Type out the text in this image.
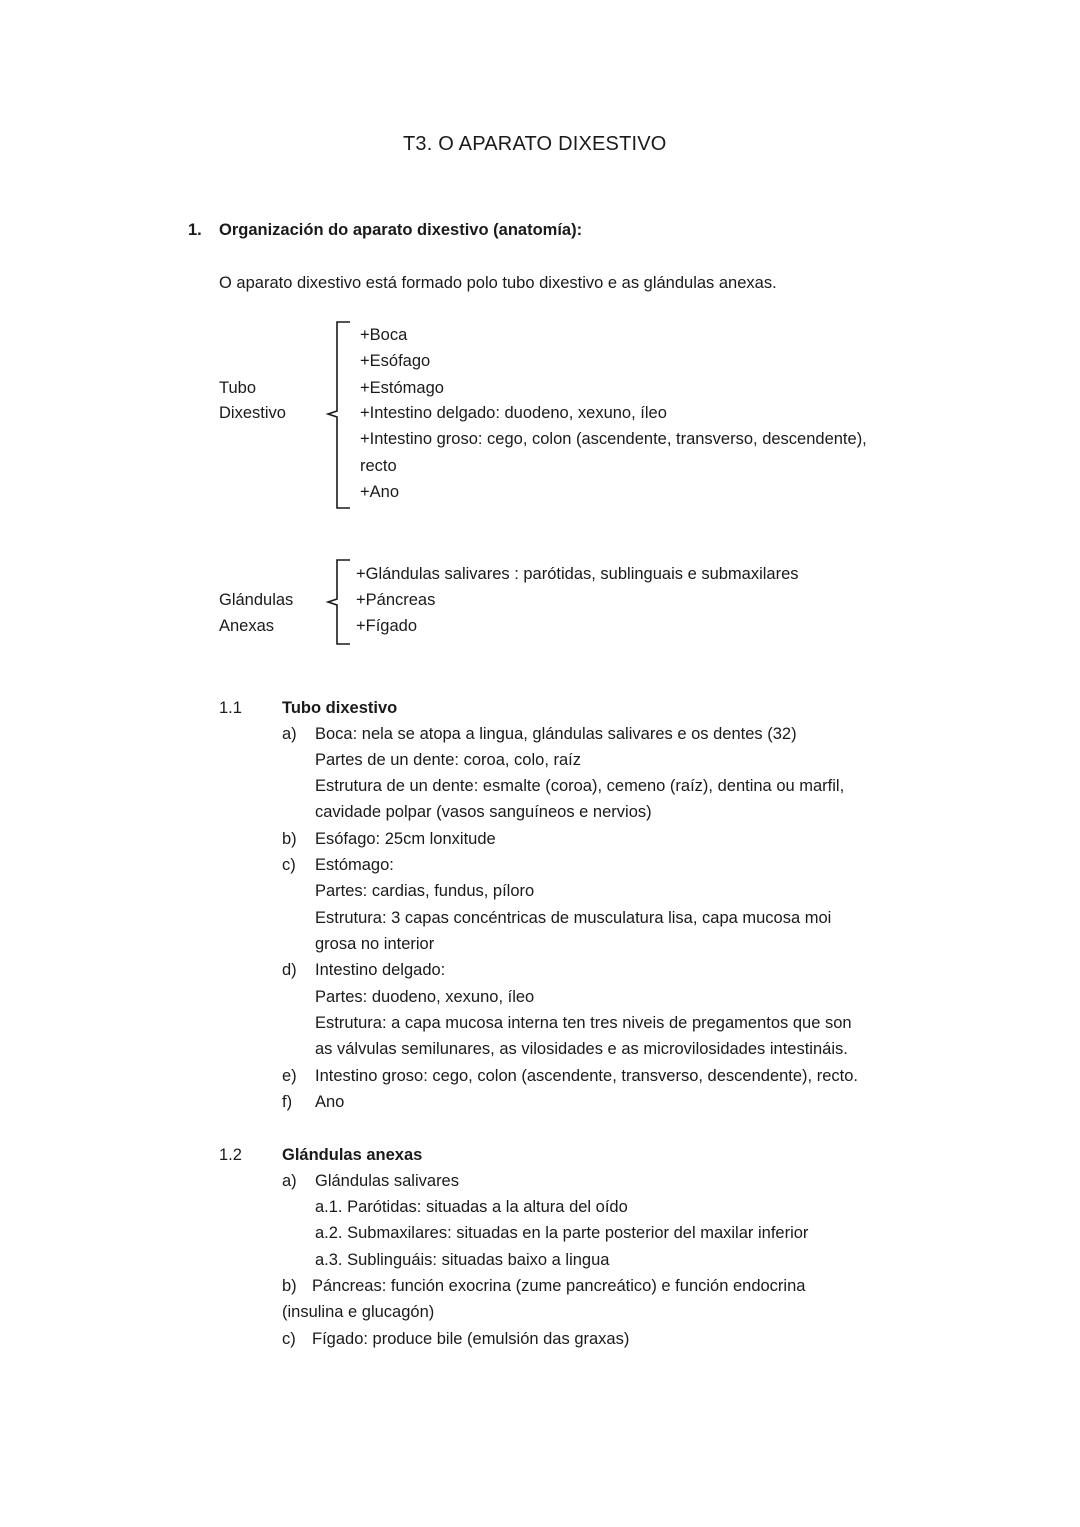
T3. O APARATO DIXESTIVO
1. Organización do aparato dixestivo (anatomía):
O aparato dixestivo está formado polo tubo dixestivo e as glándulas anexas.
Tubo
Dixestivo
+Boca
+Esófago
+Estómago
+Intestino delgado: duodeno, xexuno, íleo
+Intestino groso: cego, colon (ascendente, transverso, descendente),
recto
+Ano
Glándulas
Anexas
+Glándulas salivares : parótidas, sublinguais e submaxilares
+Páncreas
+Fígado
1.1 Tubo dixestivo
a) Boca: nela se atopa a lingua, glándulas salivares e os dentes (32)
Partes de un dente: coroa, colo, raíz
Estrutura de un dente: esmalte (coroa), cemeno (raíz), dentina ou marfil,
cavidade polpar (vasos sanguíneos e nervios)
b) Esófago: 25cm lonxitude
c) Estómago:
Partes: cardias, fundus, píloro
Estrutura: 3 capas concéntricas de musculatura lisa, capa mucosa moi
grosa no interior
d) Intestino delgado:
Partes: duodeno, xexuno, íleo
Estrutura: a capa mucosa interna ten tres niveis de pregamentos que son
as válvulas semilunares, as vilosidades e as microvilosidades intestináis.
e) Intestino groso: cego, colon (ascendente, transverso, descendente), recto.
f) Ano
1.2 Glándulas anexas
a) Glándulas salivares
a.1. Parótidas: situadas a la altura del oído
a.2. Submaxilares: situadas en la parte posterior del maxilar inferior
a.3. Sublinguáis: situadas baixo a lingua
b) Páncreas: función exocrina (zume pancreático) e función endocrina
(insulina e glucagón)
c) Fígado: produce bile (emulsión das graxas)
